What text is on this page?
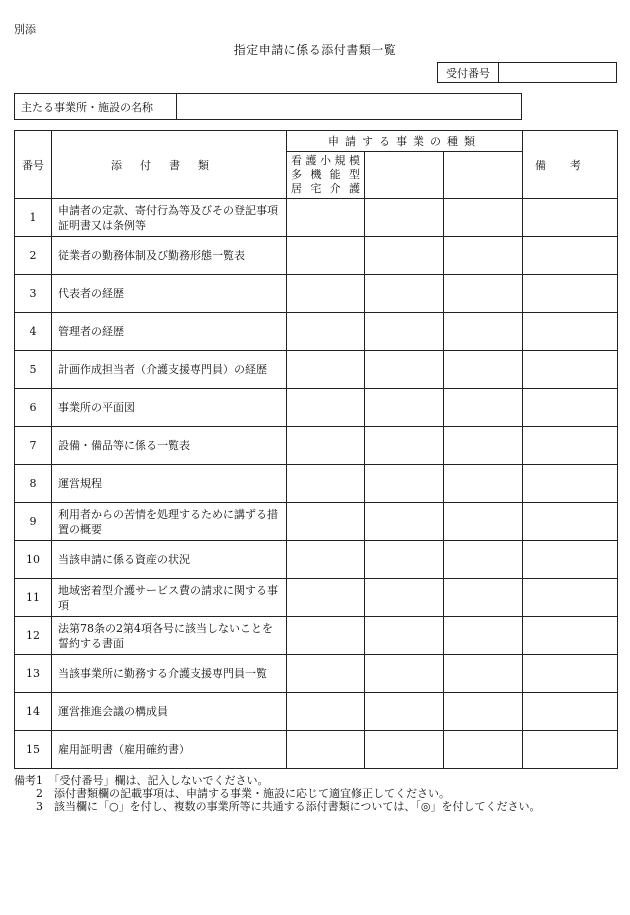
別添
指定申請に係る添付書類一覧
受付番号	
主たる事業所・施設の名称	
番号	添付書類	申請する事業の種類			備考

		看護小規模
多機能型
居宅介護			

1	申請者の定款、寄付行為等及びその登記事項証明書又は条例等				
2	従業者の勤務体制及び勤務形態一覧表				
3	代表者の経歴				
4	管理者の経歴				
5	計画作成担当者（介護支援専門員）の経歴				
6	事業所の平面図				
7	設備・備品等に係る一覧表				
8	運営規程				
9	利用者からの苦情を処理するために講ずる措置の概要				
10	当該申請に係る資産の状況				
11	地域密着型介護サービス費の請求に関する事項				
12	法第78条の2第4項各号に該当しないことを誓約する書面				
13	当該事業所に勤務する介護支援専門員一覧				
14	運営推進会議の構成員				
15	雇用証明書（雇用確約書）				
備考1　「受付番号」欄は、記入しないでください。
　　2　添付書類欄の記載事項は、申請する事業・施設に応じて適宜修正してください。
　　3　該当欄に「○」を付し、複数の事業所等に共通する添付書類については、「◎」を付してください。
